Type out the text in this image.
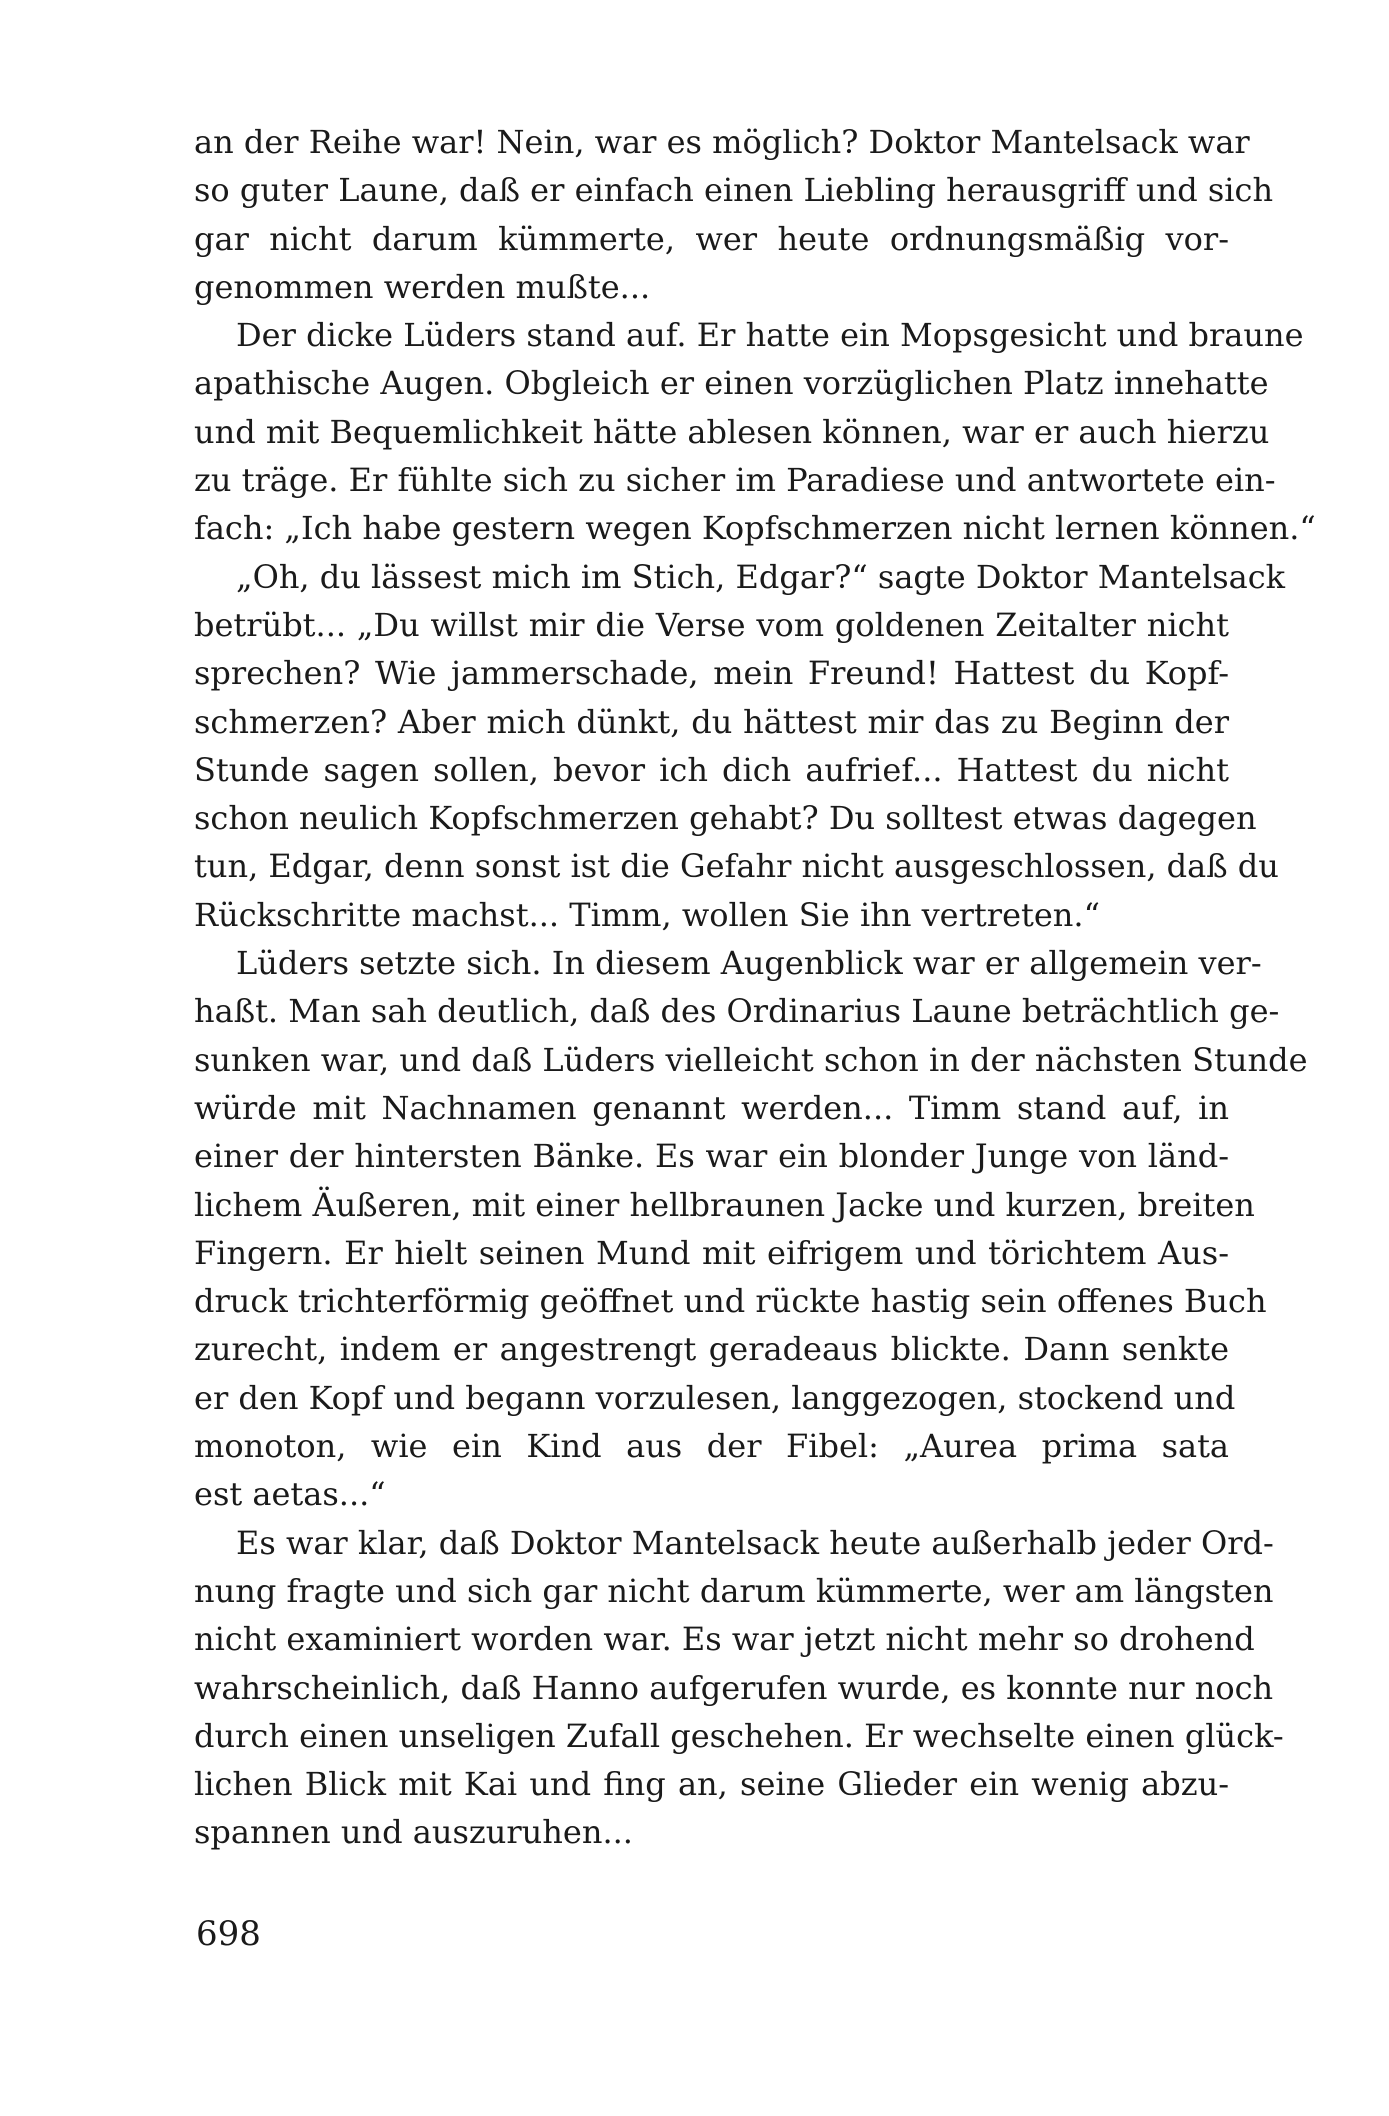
an der Reihe war! Nein, war es möglich? Doktor Mantelsack war
so guter Laune, daß er einfach einen Liebling herausgriff und sich
gar nicht darum kümmerte, wer heute ordnungsmäßig vor-
genommen werden mußte...
Der dicke Lüders stand auf. Er hatte ein Mopsgesicht und braune
apathische Augen. Obgleich er einen vorzüglichen Platz innehatte
und mit Bequemlichkeit hätte ablesen können, war er auch hierzu
zu träge. Er fühlte sich zu sicher im Paradiese und antwortete ein-
fach: „Ich habe gestern wegen Kopfschmerzen nicht lernen können.“
„Oh, du lässest mich im Stich, Edgar?“ sagte Doktor Mantelsack
betrübt... „Du willst mir die Verse vom goldenen Zeitalter nicht
sprechen? Wie jammerschade, mein Freund! Hattest du Kopf-
schmerzen? Aber mich dünkt, du hättest mir das zu Beginn der
Stunde sagen sollen, bevor ich dich aufrief... Hattest du nicht
schon neulich Kopfschmerzen gehabt? Du solltest etwas dagegen
tun, Edgar, denn sonst ist die Gefahr nicht ausgeschlossen, daß du
Rückschritte machst... Timm, wollen Sie ihn vertreten.“
Lüders setzte sich. In diesem Augenblick war er allgemein ver-
haßt. Man sah deutlich, daß des Ordinarius Laune beträchtlich ge-
sunken war, und daß Lüders vielleicht schon in der nächsten Stunde
würde mit Nachnamen genannt werden... Timm stand auf, in
einer der hintersten Bänke. Es war ein blonder Junge von länd-
lichem Äußeren, mit einer hellbraunen Jacke und kurzen, breiten
Fingern. Er hielt seinen Mund mit eifrigem und törichtem Aus-
druck trichterförmig geöffnet und rückte hastig sein offenes Buch
zurecht, indem er angestrengt geradeaus blickte. Dann senkte
er den Kopf und begann vorzulesen, langgezogen, stockend und
monoton, wie ein Kind aus der Fibel: „Aurea prima sata
est aetas...“
Es war klar, daß Doktor Mantelsack heute außerhalb jeder Ord-
nung fragte und sich gar nicht darum kümmerte, wer am längsten
nicht examiniert worden war. Es war jetzt nicht mehr so drohend
wahrscheinlich, daß Hanno aufgerufen wurde, es konnte nur noch
durch einen unseligen Zufall geschehen. Er wechselte einen glück-
lichen Blick mit Kai und fing an, seine Glieder ein wenig abzu-
spannen und auszuruhen...
698
